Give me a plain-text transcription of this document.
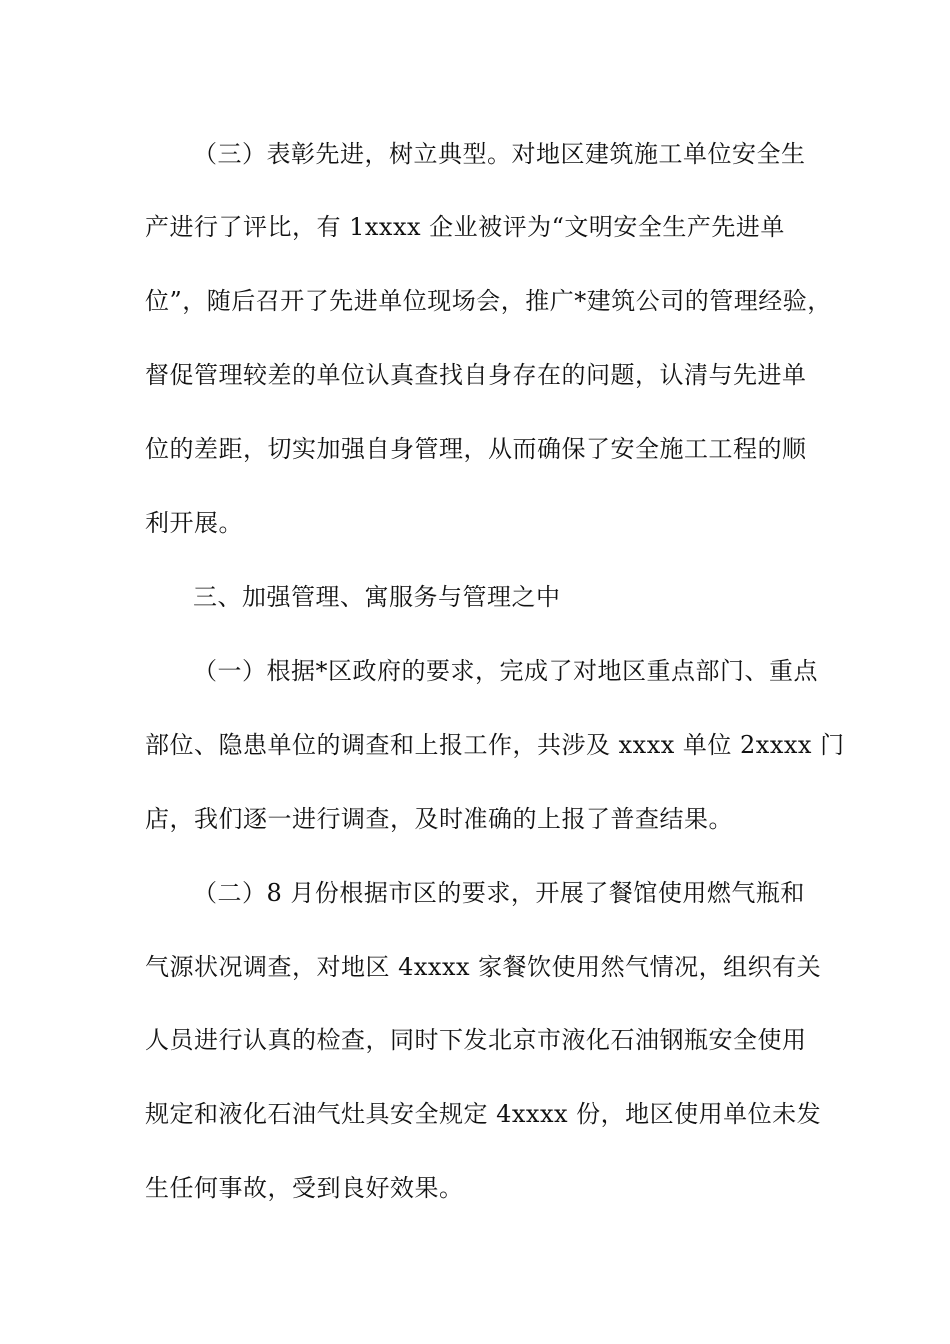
（三）表彰先进，树立典型。对地区建筑施工单位安全生
产进行了评比，有 1xxxx 企业被评为“文明安全生产先进单
位”，随后召开了先进单位现场会，推广*建筑公司的管理经验，
督促管理较差的单位认真查找自身存在的问题，认清与先进单
位的差距，切实加强自身管理，从而确保了安全施工工程的顺
利开展。
三、加强管理、寓服务与管理之中
（一）根据*区政府的要求，完成了对地区重点部门、重点
部位、隐患单位的调查和上报工作，共涉及 xxxx 单位 2xxxx 门
店，我们逐一进行调查，及时准确的上报了普查结果。
（二）8 月份根据市区的要求，开展了餐馆使用燃气瓶和
气源状况调查，对地区 4xxxx 家餐饮使用然气情况，组织有关
人员进行认真的检查，同时下发北京市液化石油钢瓶安全使用
规定和液化石油气灶具安全规定 4xxxx 份，地区使用单位未发
生任何事故，受到良好效果。
